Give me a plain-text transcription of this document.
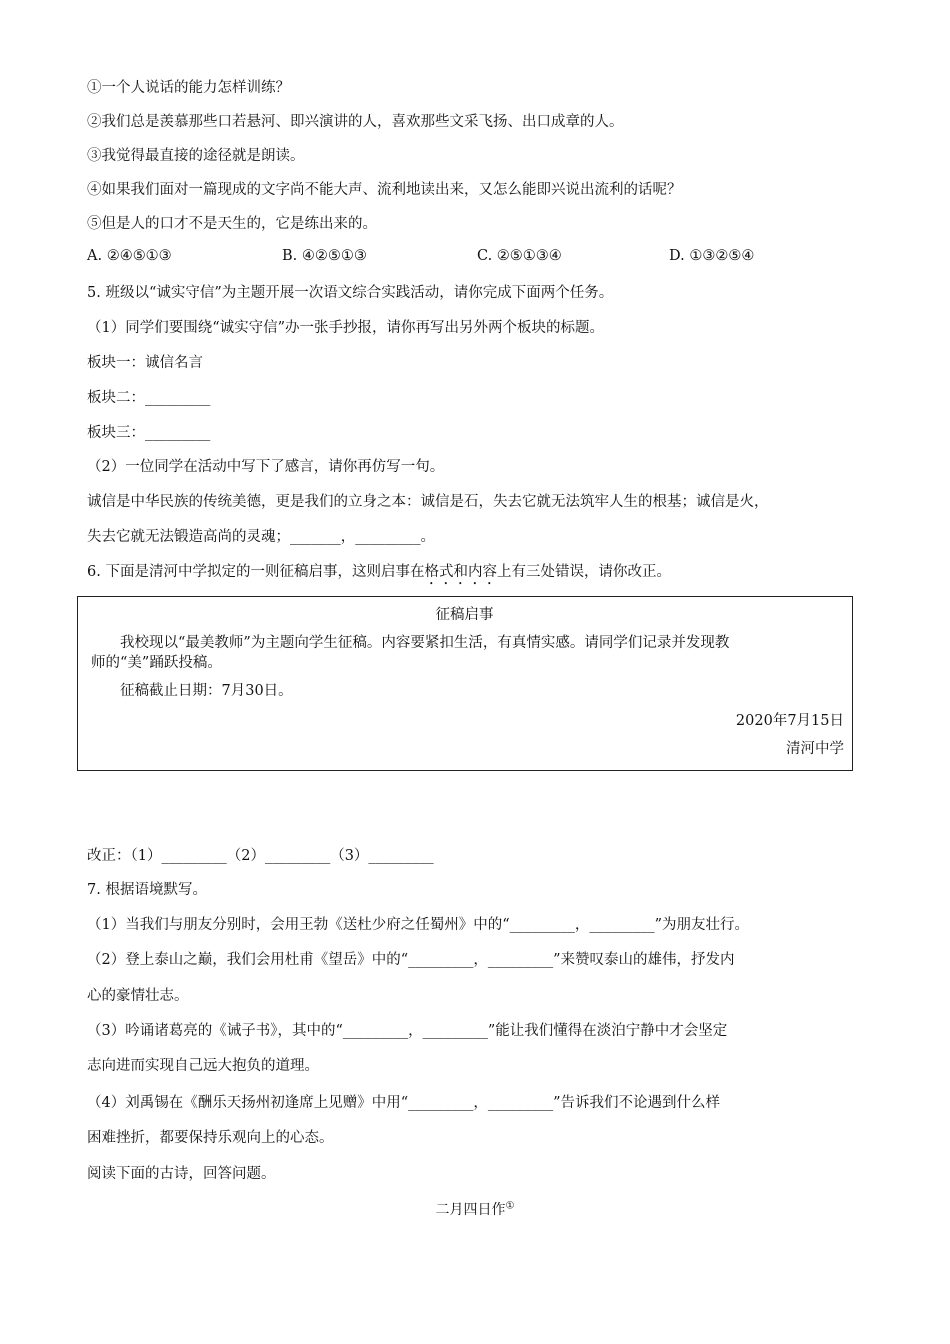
①一个人说话的能力怎样训练？
②我们总是羡慕那些口若悬河、即兴演讲的人，喜欢那些文采飞扬、出口成章的人。
③我觉得最直接的途径就是朗读。
④如果我们面对一篇现成的文字尚不能大声、流利地读出来，又怎么能即兴说出流利的话呢？
⑤但是人的口才不是天生的，它是练出来的。
A. ②④⑤①③	B. ④②⑤①③	C. ②⑤①③④	D. ①③②⑤④
5. 班级以“诚实守信”为主题开展一次语文综合实践活动，请你完成下面两个任务。
（1）同学们要围绕“诚实守信”办一张手抄报，请你再写出另外两个板块的标题。
板块一：诚信名言
板块二：_________
板块三：_________
（2）一位同学在活动中写下了感言，请你再仿写一句。
诚信是中华民族的传统美德，更是我们的立身之本：诚信是石，失去它就无法筑牢人生的根基；诚信是火，
失去它就无法锻造高尚的灵魂；_______，_________。
6. 下面是清河中学拟定的一则征稿启事，这则启事在格式和内容上有三处错误，请你改正。
征稿启事
我校现以“最美教师”为主题向学生征稿。内容要紧扣生活，有真情实感。请同学们记录并发现教
师的“美”踊跃投稿。
征稿截止日期：7月30日。
2020年7月15日
清河中学
改正：（1）_________（2）_________（3）_________
7. 根据语境默写。
（1）当我们与朋友分别时，会用王勃《送杜少府之任蜀州》中的“_________，_________”为朋友壮行。
（2）登上泰山之巅，我们会用杜甫《望岳》中的“_________，_________”来赞叹泰山的雄伟，抒发内
心的豪情壮志。
（3）吟诵诸葛亮的《诫子书》，其中的“_________，_________”能让我们懂得在淡泊宁静中才会坚定
志向进而实现自己远大抱负的道理。
（4）刘禹锡在《酬乐天扬州初逢席上见赠》中用“_________，_________”告诉我们不论遇到什么样
困难挫折，都要保持乐观向上的心态。
阅读下面的古诗，回答问题。
二月四日作①
